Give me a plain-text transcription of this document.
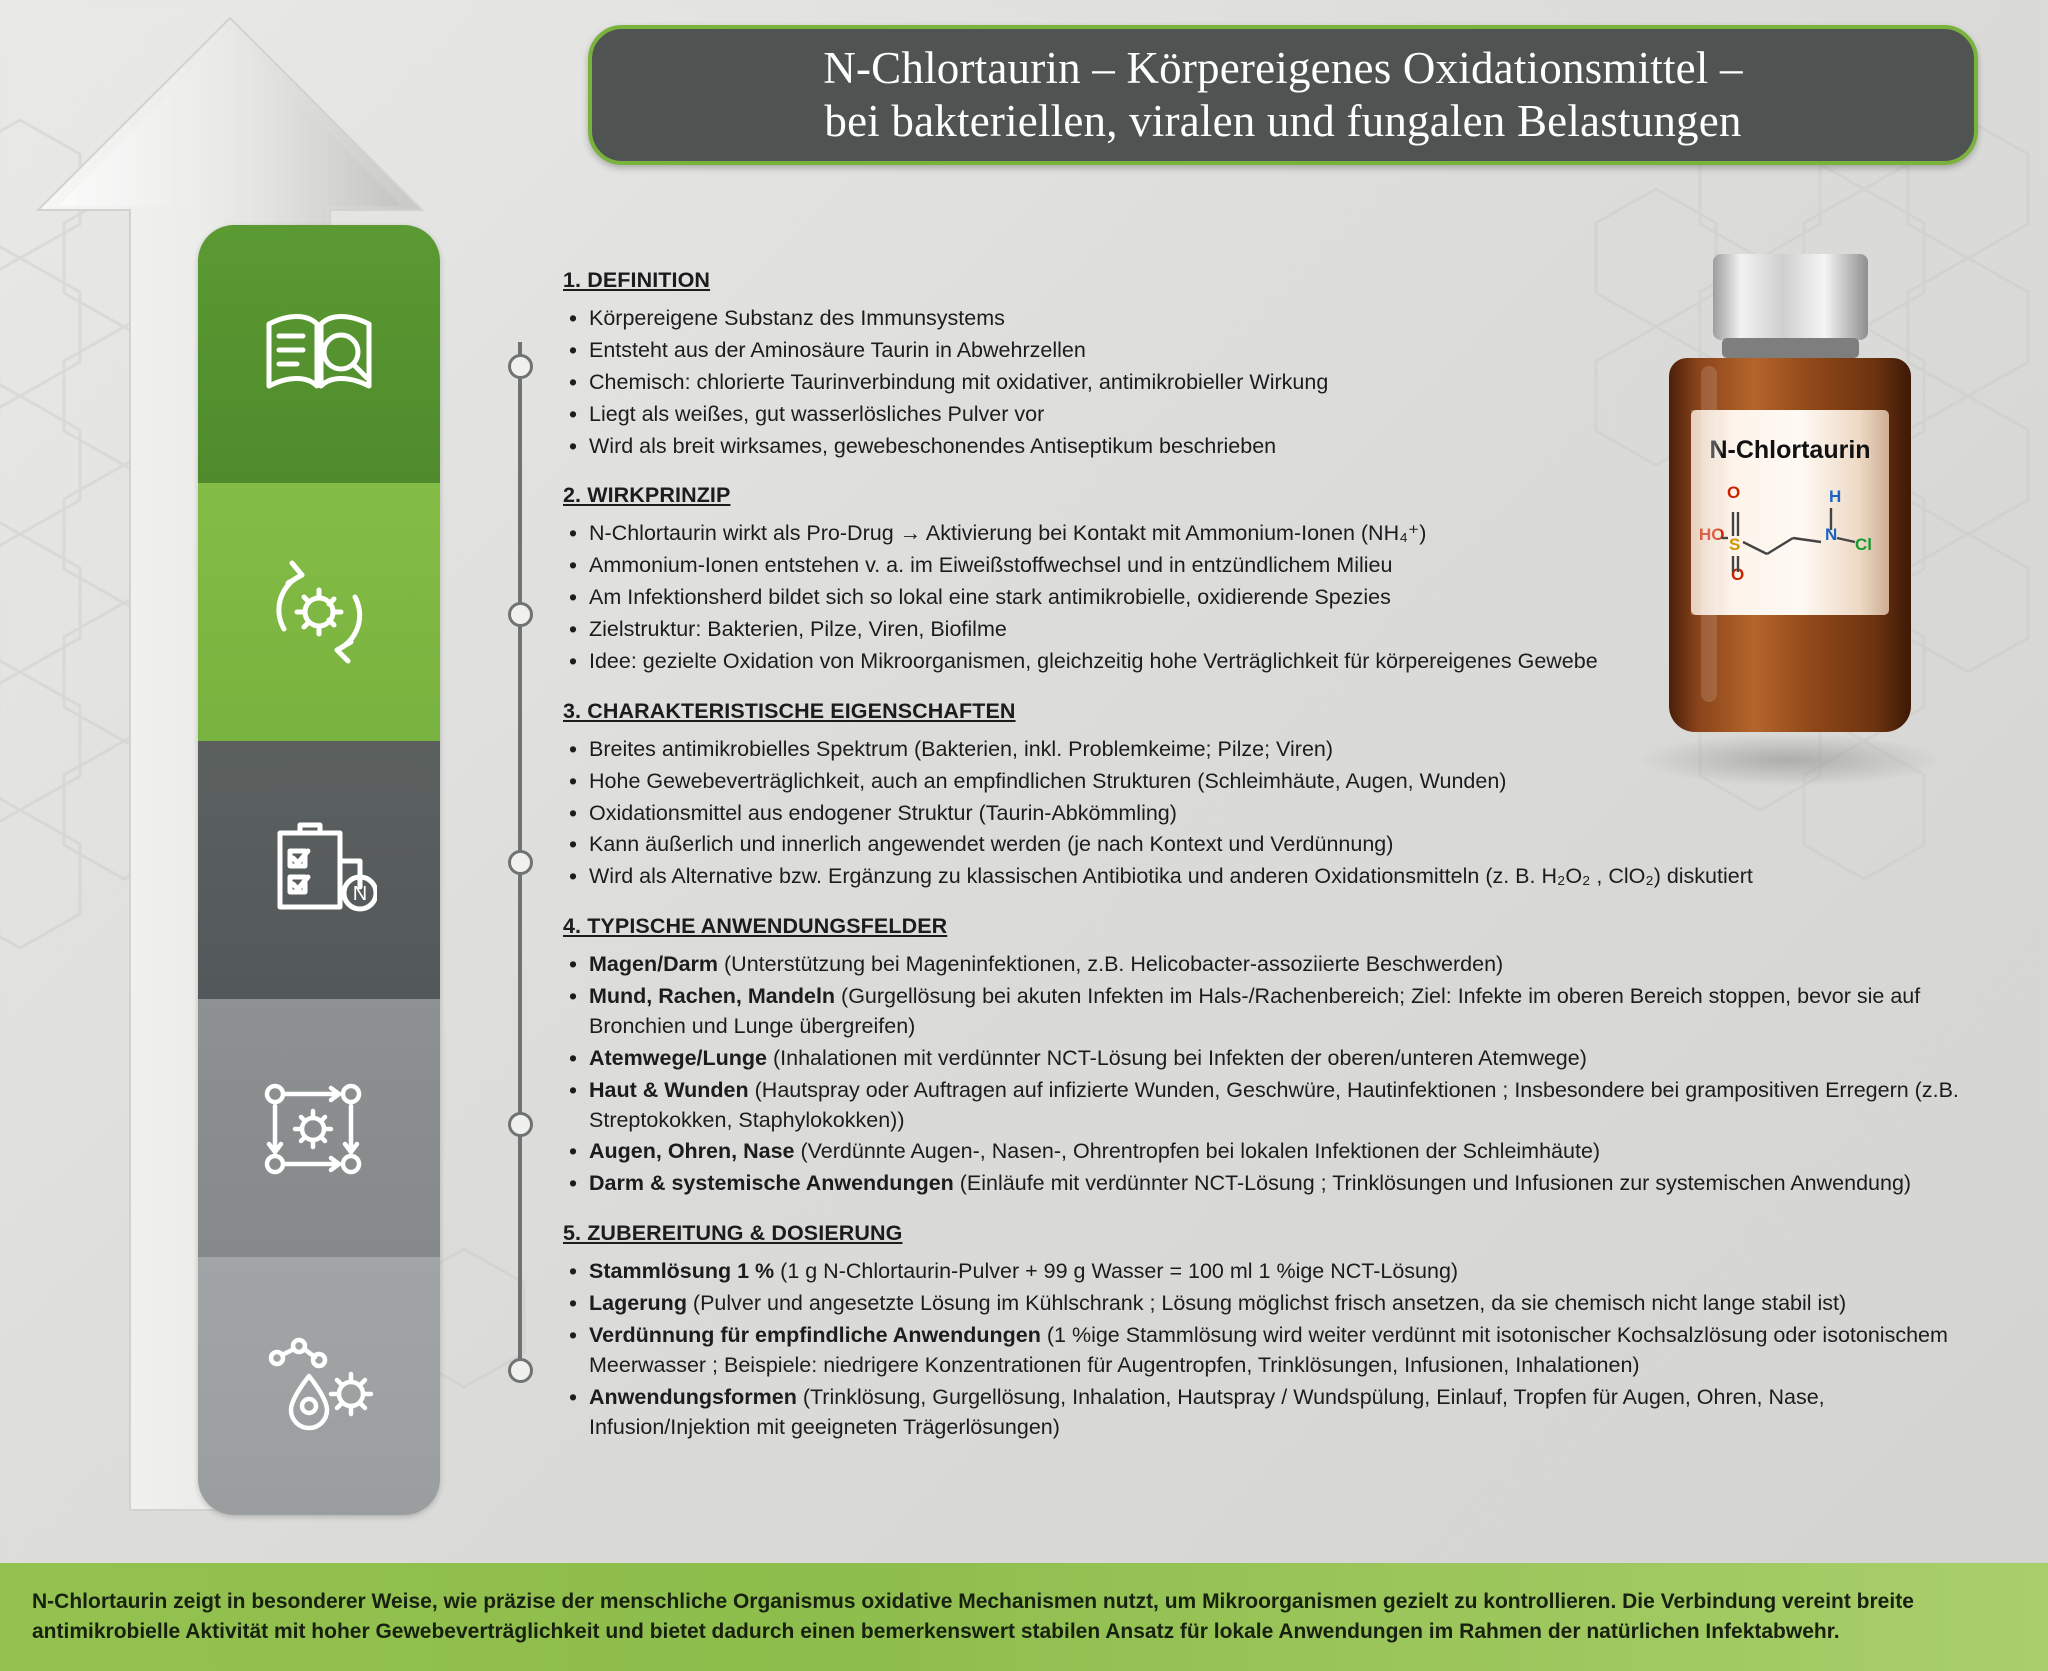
N-Chlortaurin – Körpereigenes Oxidationsmittel –
bei bakteriellen, viralen und fungalen Belastungen
N
N-Chlortaurin
O
HO
S
O
H
N
Cl
1. DEFINITION
• Körpereigene Substanz des Immunsystems
• Entsteht aus der Aminosäure Taurin in Abwehrzellen
• Chemisch: chlorierte Taurinverbindung mit oxidativer, antimikrobieller Wirkung
• Liegt als weißes, gut wasserlösliches Pulver vor
• Wird als breit wirksames, gewebeschonendes Antiseptikum beschrieben
2. WIRKPRINZIP
• N-Chlortaurin wirkt als Pro-Drug → Aktivierung bei Kontakt mit Ammonium-Ionen (NH₄⁺)
• Ammonium-Ionen entstehen v. a. im Eiweißstoffwechsel und in entzündlichem Milieu
• Am Infektionsherd bildet sich so lokal eine stark antimikrobielle, oxidierende Spezies
• Zielstruktur: Bakterien, Pilze, Viren, Biofilme
• Idee: gezielte Oxidation von Mikroorganismen, gleichzeitig hohe Verträglichkeit für körpereigenes Gewebe
3. CHARAKTERISTISCHE EIGENSCHAFTEN
• Breites antimikrobielles Spektrum (Bakterien, inkl. Problemkeime; Pilze; Viren)
• Hohe Gewebeverträglichkeit, auch an empfindlichen Strukturen (Schleimhäute, Augen, Wunden)
• Oxidationsmittel aus endogener Struktur (Taurin-Abkömmling)
• Kann äußerlich und innerlich angewendet werden (je nach Kontext und Verdünnung)
• Wird als Alternative bzw. Ergänzung zu klassischen Antibiotika und anderen Oxidationsmitteln (z. B. H₂O₂ , ClO₂) diskutiert
4. TYPISCHE ANWENDUNGSFELDER
• Magen/Darm (Unterstützung bei Mageninfektionen, z.B. Helicobacter-assoziierte Beschwerden)
• Mund, Rachen, Mandeln (Gurgellösung bei akuten Infekten im Hals-/Rachenbereich; Ziel: Infekte im oberen Bereich stoppen, bevor sie auf Bronchien und Lunge übergreifen)
• Atemwege/Lunge (Inhalationen mit verdünnter NCT-Lösung bei Infekten der oberen/unteren Atemwege)
• Haut & Wunden (Hautspray oder Auftragen auf infizierte Wunden, Geschwüre, Hautinfektionen ; Insbesondere bei grampositiven Erregern (z.B. Streptokokken, Staphylokokken))
• Augen, Ohren, Nase (Verdünnte Augen-, Nasen-, Ohrentropfen bei lokalen Infektionen der Schleimhäute)
• Darm & systemische Anwendungen (Einläufe mit verdünnter NCT-Lösung ; Trinklösungen und Infusionen zur systemischen Anwendung)
5. ZUBEREITUNG & DOSIERUNG
• Stammlösung 1 % (1 g N-Chlortaurin-Pulver + 99 g Wasser = 100 ml 1 %ige NCT-Lösung)
• Lagerung (Pulver und angesetzte Lösung im Kühlschrank ; Lösung möglichst frisch ansetzen, da sie chemisch nicht lange stabil ist)
• Verdünnung für empfindliche Anwendungen (1 %ige Stammlösung wird weiter verdünnt mit isotonischer Kochsalzlösung oder isotonischem Meerwasser ; Beispiele: niedrigere Konzentrationen für Augentropfen, Trinklösungen, Infusionen, Inhalationen)
• Anwendungsformen (Trinklösung, Gurgellösung, Inhalation, Hautspray / Wundspülung, Einlauf, Tropfen für Augen, Ohren, Nase, Infusion/Injektion mit geeigneten Trägerlösungen)
N-Chlortaurin zeigt in besonderer Weise, wie präzise der menschliche Organismus oxidative Mechanismen nutzt, um Mikroorganismen gezielt zu kontrollieren. Die Verbindung vereint breite antimikrobielle Aktivität mit hoher Gewebeverträglichkeit und bietet dadurch einen bemerkenswert stabilen Ansatz für lokale Anwendungen im Rahmen der natürlichen Infektabwehr.
